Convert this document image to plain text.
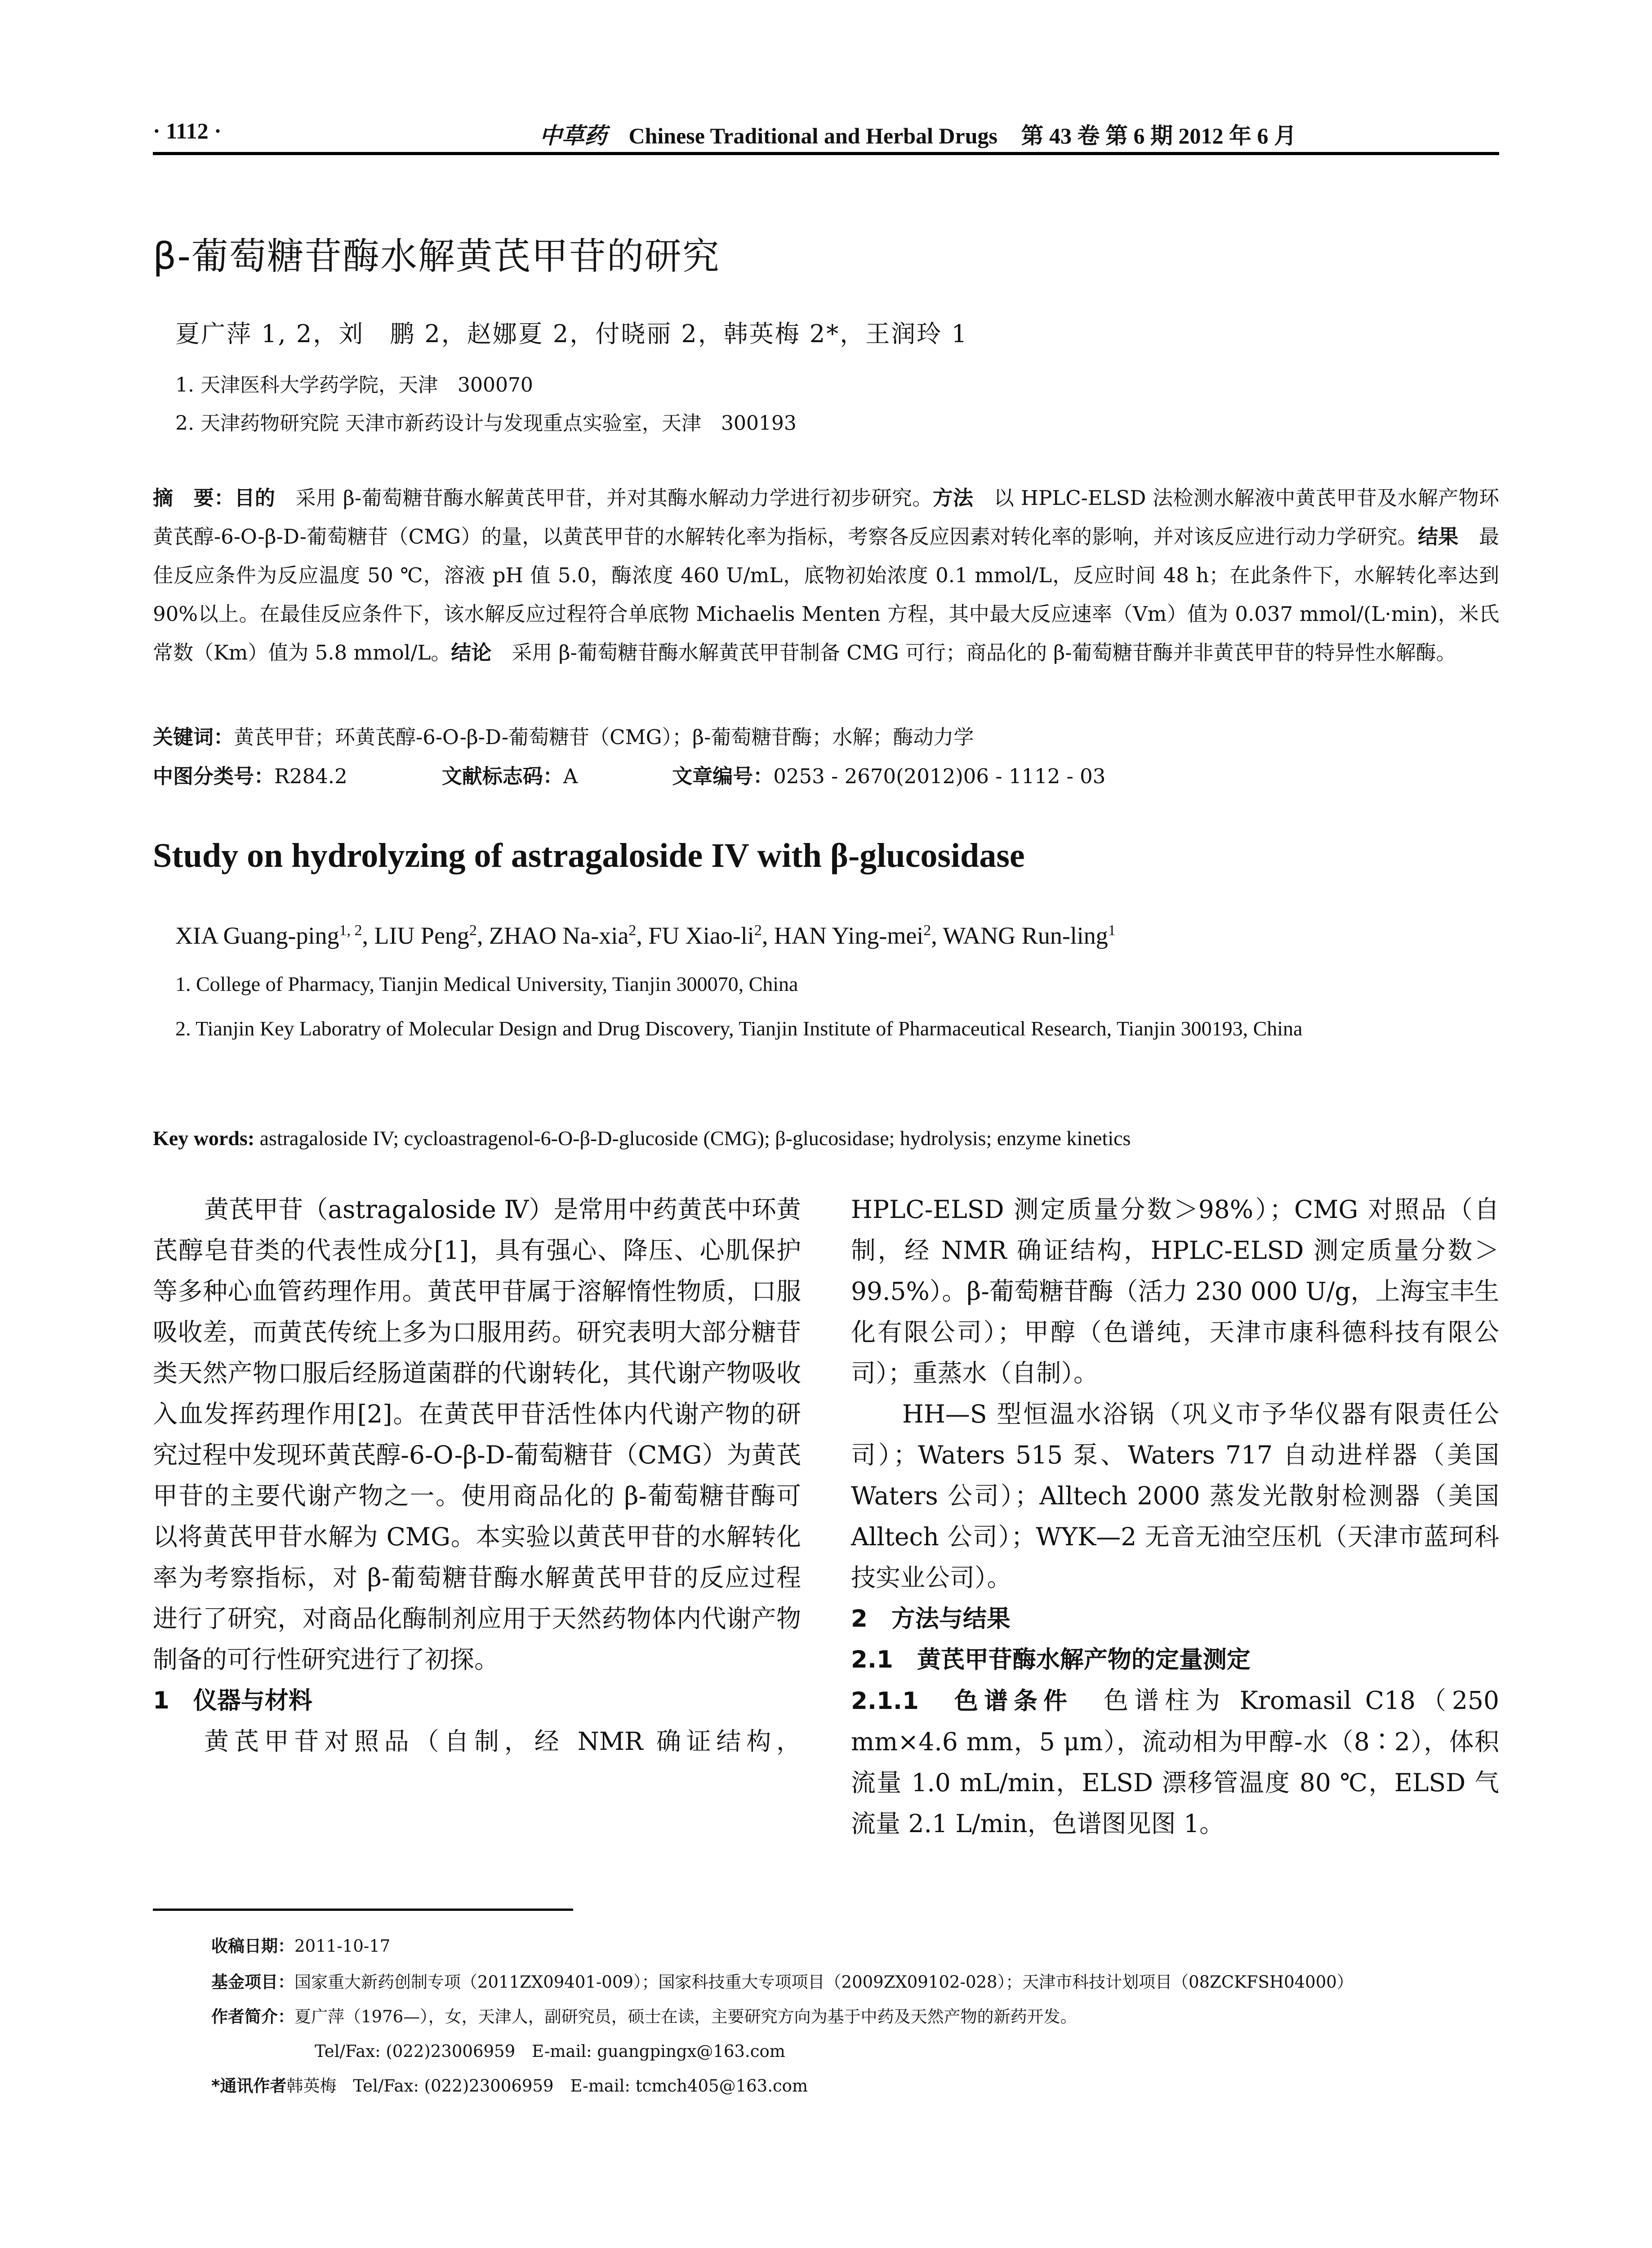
· 1112 ·	中草药 Chinese Traditional and Herbal Drugs 第 43 卷 第 6 期 2012 年 6 月
β-葡萄糖苷酶水解黄芪甲苷的研究
夏广萍 1, 2，刘　鹏 2，赵娜夏 2，付晓丽 2，韩英梅 2*，王润玲 1
1. 天津医科大学药学院，天津　300070
2. 天津药物研究院 天津市新药设计与发现重点实验室，天津　300193
摘　要：目的　采用 β-葡萄糖苷酶水解黄芪甲苷，并对其酶水解动力学进行初步研究。方法　以 HPLC-ELSD 法检测水解液中黄芪甲苷及水解产物环黄芪醇-6-O-β-D-葡萄糖苷（CMG）的量，以黄芪甲苷的水解转化率为指标，考察各反应因素对转化率的影响，并对该反应进行动力学研究。结果　最佳反应条件为反应温度 50 ℃，溶液 pH 值 5.0，酶浓度 460 U/mL，底物初始浓度 0.1 mmol/L，反应时间 48 h；在此条件下，水解转化率达到 90%以上。在最佳反应条件下，该水解反应过程符合单底物 Michaelis Menten 方程，其中最大反应速率（Vm）值为 0.037 mmol/(L·min)，米氏常数（Km）值为 5.8 mmol/L。结论　采用 β-葡萄糖苷酶水解黄芪甲苷制备 CMG 可行；商品化的 β-葡萄糖苷酶并非黄芪甲苷的特异性水解酶。
关键词：黄芪甲苷；环黄芪醇-6-O-β-D-葡萄糖苷（CMG）；β-葡萄糖苷酶；水解；酶动力学
中图分类号：R284.2	文献标志码：A	文章编号：0253 - 2670(2012)06 - 1112 - 03
Study on hydrolyzing of astragaloside IV with β-glucosidase
XIA Guang-ping$^{1, 2}$, LIU Peng$^2$, ZHAO Na-xia$^2$, FU Xiao-$li^2$, HAN Ying-mei$^2$, WANG Run-ling$^1$
1. College of Pharmacy, Tianjin Medical University, Tianjin 300070, China
2. Tianjin Key Laboratry of Molecular Design and Drug Discovery, Tianjin Institute of Pharmaceutical Research, Tianjin 300193, China
Key words: astragaloside IV; cycloastragenol-6-O-β-D-glucoside (CMG); β-glucosidase; hydrolysis; enzyme kinetics

黄芪甲苷（astragaloside Ⅳ）是常用中药黄芪中环黄芪醇皂苷类的代表性成分[1]，具有强心、降压、心肌保护等多种心血管药理作用。黄芪甲苷属于溶解惰性物质，口服吸收差，而黄芪传统上多为口服用药。研究表明大部分糖苷类天然产物口服后经肠道菌群的代谢转化，其代谢产物吸收入血发挥药理作用[2]。在黄芪甲苷活性体内代谢产物的研究过程中发现环黄芪醇-6-O-β-D-葡萄糖苷（CMG）为黄芪甲苷的主要代谢产物之一。使用商品化的 β-葡萄糖苷酶可以将黄芪甲苷水解为 CMG。本实验以黄芪甲苷的水解转化率为考察指标，对 β-葡萄糖苷酶水解黄芪甲苷的反应过程进行了研究，对商品化酶制剂应用于天然药物体内代谢产物制备的可行性研究进行了初探。

1　仪器与材料

黄芪甲苷对照品（自制，经 NMR 确证结构，

HPLC-ELSD 测定质量分数＞98%）；CMG 对照品（自制，经 NMR 确证结构，HPLC-ELSD 测定质量分数＞99.5%）。β-葡萄糖苷酶（活力 230 000 U/g，上海宝丰生化有限公司）；甲醇（色谱纯，天津市康科德科技有限公司）；重蒸水（自制）。

HH—S 型恒温水浴锅（巩义市予华仪器有限责任公司）；Waters 515 泵、Waters 717 自动进样器（美国 Waters 公司）；Alltech 2000 蒸发光散射检测器（美国 Alltech 公司）；WYK—2 无音无油空压机（天津市蓝珂科技实业公司）。

2　方法与结果

2.1　黄芪甲苷酶水解产物的定量测定

2.1.1　色谱条件　色谱柱为 Kromasil C18（250 mm×4.6 mm，5 μm），流动相为甲醇-水（8∶2），体积流量 1.0 mL/min，ELSD 漂移管温度 80 ℃，ELSD 气流量 2.1 L/min，色谱图见图 1。

收稿日期：2011-10-17
基金项目：国家重大新药创制专项（2011ZX09401-009）；国家科技重大专项项目（2009ZX09102-028）；天津市科技计划项目（08ZCKFSH04000）
作者简介：夏广萍（1976—），女，天津人，副研究员，硕士在读，主要研究方向为基于中药及天然产物的新药开发。
Tel/Fax: (022)23006959　E-mail: guangpingx@163.com
*通讯作者韩英梅　Tel/Fax: (022)23006959　E-mail: tcmch405@163.com
